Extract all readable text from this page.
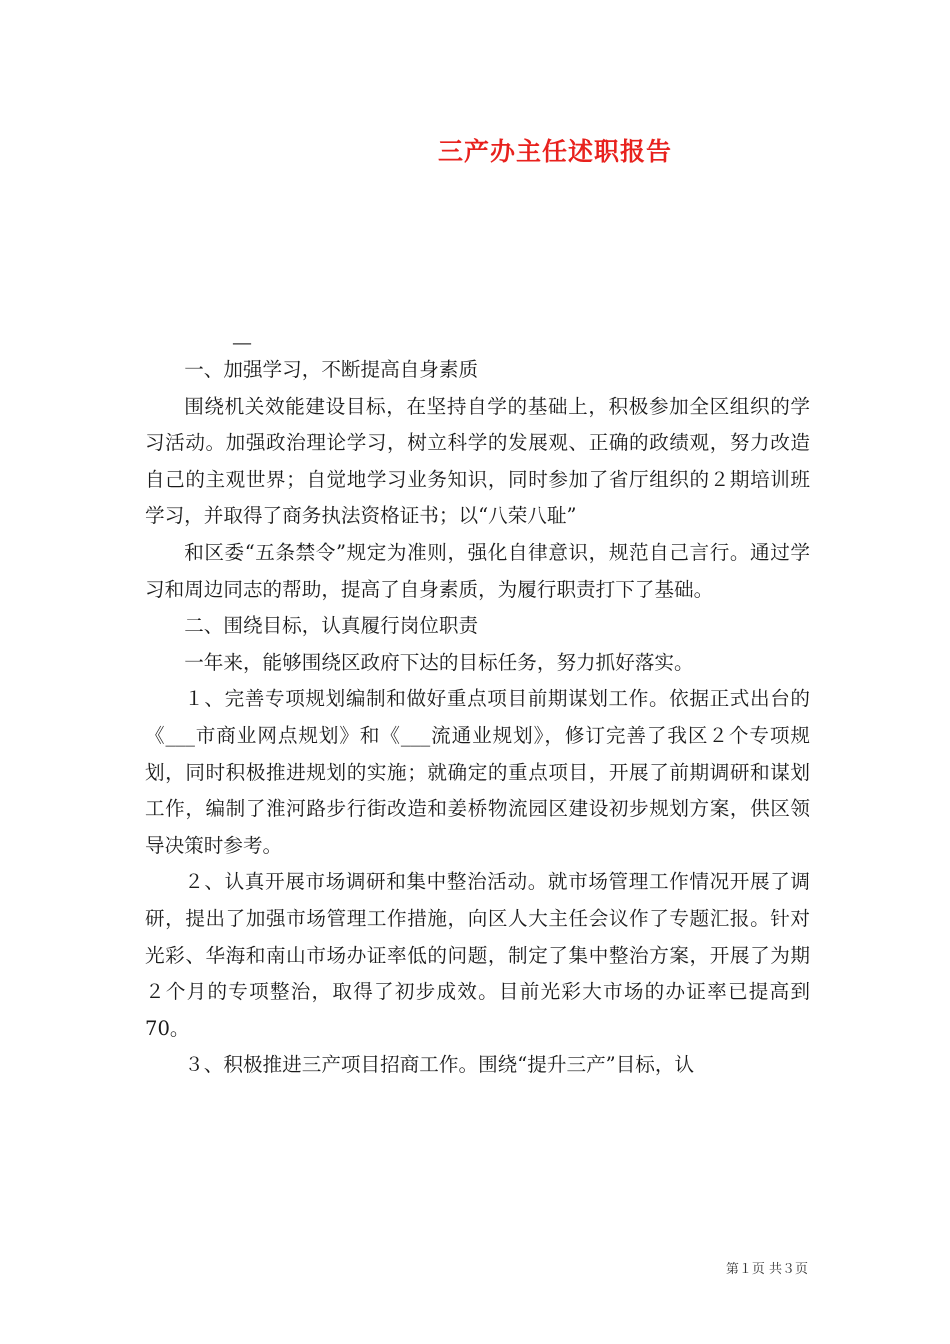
三产办主任述职报告
—

一、加强学习，不断提高自身素质

围绕机关效能建设目标，在坚持自学的基础上，积极参加全区组织的学习活动。加强政治理论学习，树立科学的发展观、正确的政绩观，努力改造自己的主观世界；自觉地学习业务知识，同时参加了省厅组织的２期培训班学习，并取得了商务执法资格证书；以“八荣八耻”

和区委“五条禁令”规定为准则，强化自律意识，规范自己言行。通过学习和周边同志的帮助，提高了自身素质，为履行职责打下了基础。

二、围绕目标，认真履行岗位职责

一年来，能够围绕区政府下达的目标任务，努力抓好落实。

１、完善专项规划编制和做好重点项目前期谋划工作。依据正式出台的《___市商业网点规划》和《___流通业规划》，修订完善了我区２个专项规划，同时积极推进规划的实施；就确定的重点项目，开展了前期调研和谋划工作，编制了淮河路步行街改造和姜桥物流园区建设初步规划方案，供区领导决策时参考。

２、认真开展市场调研和集中整治活动。就市场管理工作情况开展了调研，提出了加强市场管理工作措施，向区人大主任会议作了专题汇报。针对光彩、华海和南山市场办证率低的问题，制定了集中整治方案，开展了为期２个月的专项整治，取得了初步成效。目前光彩大市场的办证率已提高到70。

３、积极推进三产项目招商工作。围绕“提升三产”目标，认

第１页 共３页
